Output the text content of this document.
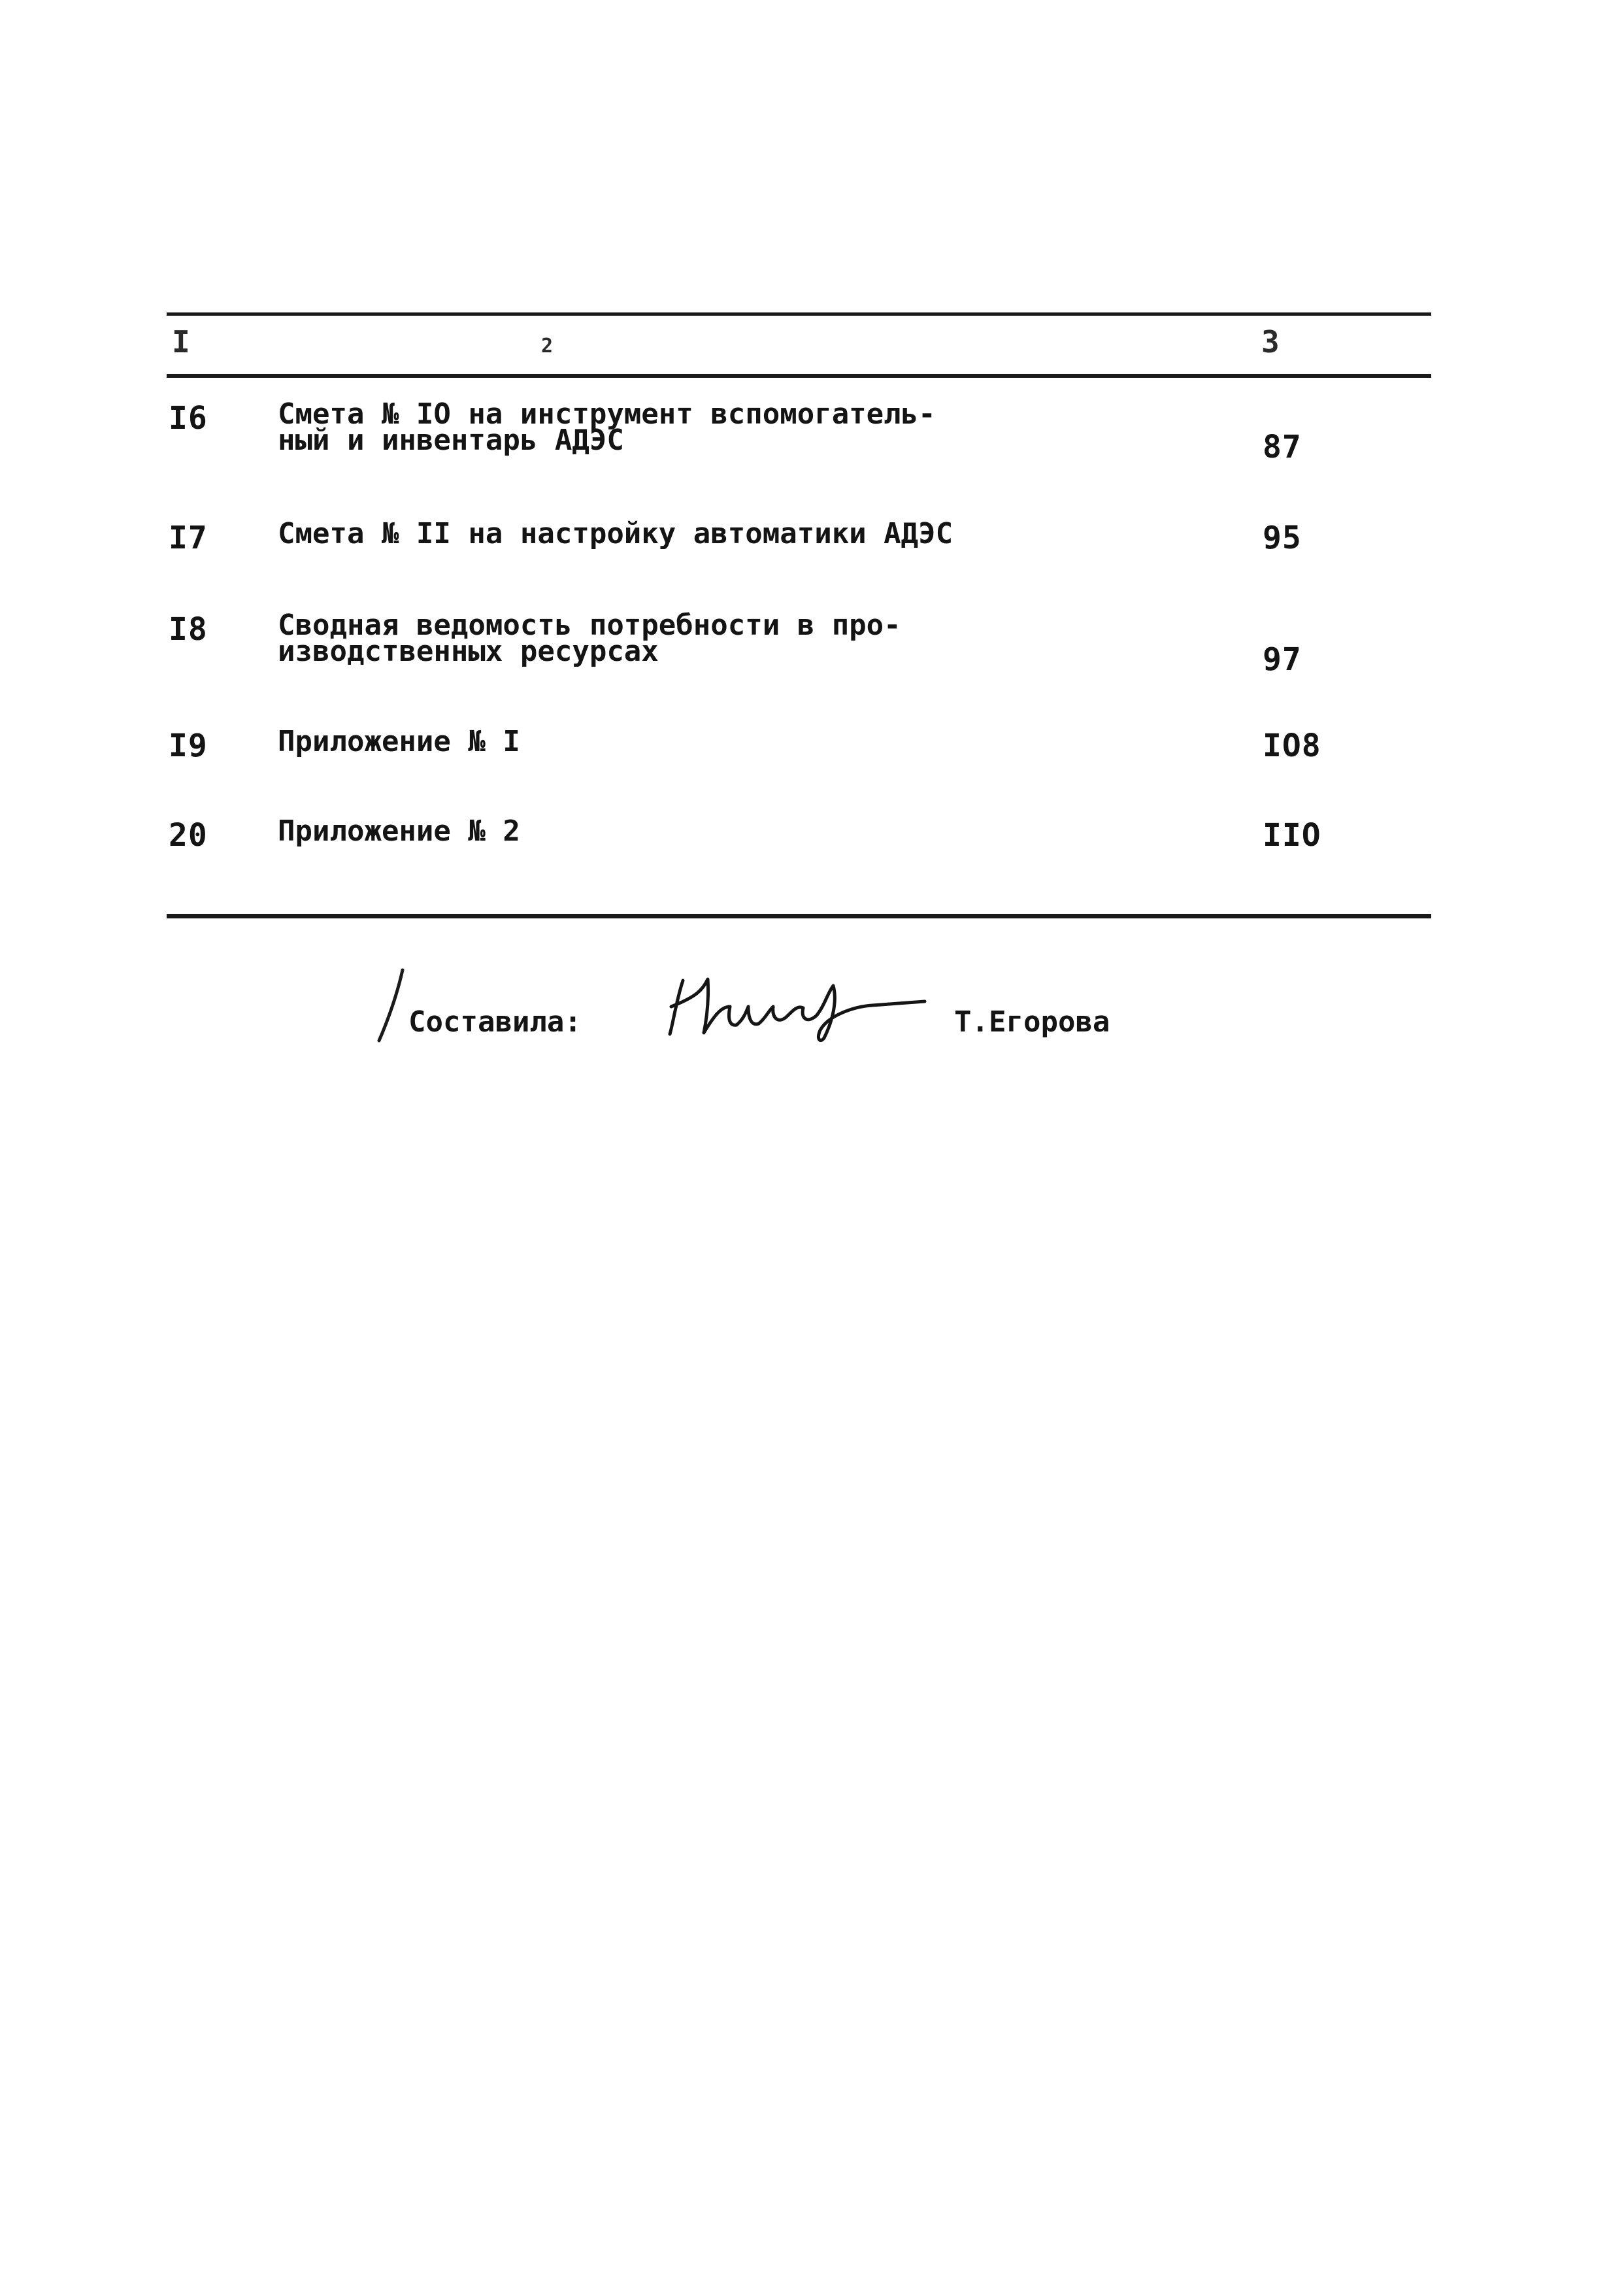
I	2	3
I6 Смета № IO на инструмент вспомогатель-
ный и инвентарь АДЭС	87
I7 Смета № II на настройку автоматики АДЭС	95
I8 Сводная ведомость потребности в про-
изводственных ресурсах	97
I9 Приложение № I	IO8
20 Приложение № 2	IIO
Составила:	Т.Егорова
